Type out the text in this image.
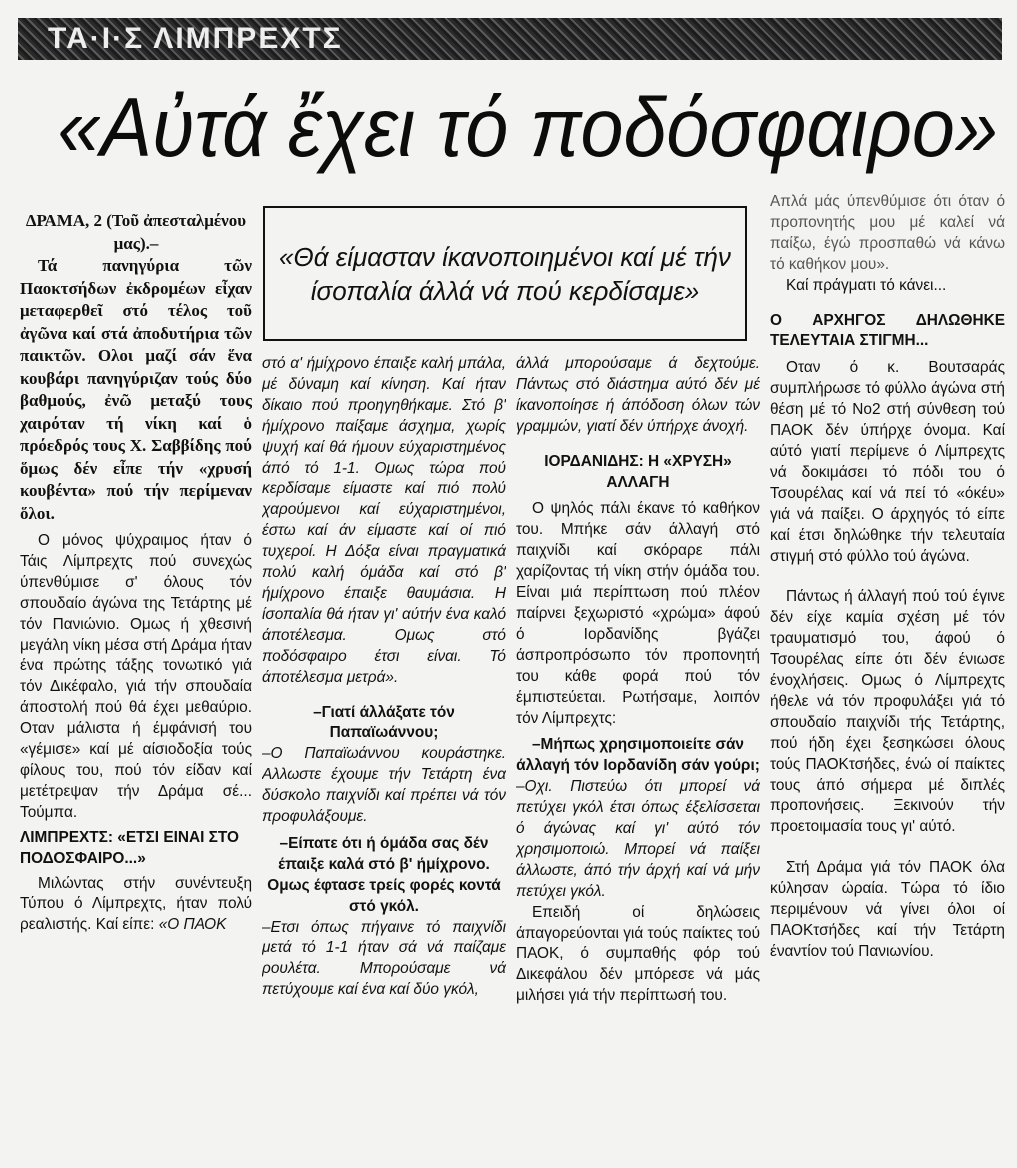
ΤΑ·Ι·Σ ΛΙΜΠΡΕΧΤΣ
«Αὐτά ἔχει τό ποδόσφαιρο»

ΔΡΑΜΑ, 2 (Τοῦ ἀπεσταλμένου μας).–

Τά πανηγύρια τῶν Παοκτσήδων ἐκδρομέων εἶχαν μεταφερθεῖ στό τέλος τοῦ ἀγῶνα καί στά ἀποδυτήρια τῶν παικτῶν. Ολοι μαζί σάν ἕνα κουβάρι πανηγύριζαν τούς δύο βαθμούς, ἐνῶ μεταξύ τους χαιρόταν τή νίκη καί ὁ πρόεδρός τους Χ. Σαββίδης πού ὅμως δέν εἶπε τήν «χρυσή κουβέντα» πού τήν περίμεναν ὅλοι.

Ο μόνος ψύχραιμος ήταν ό Τάις Λίμπρεχτς πού συνεχώς ύπενθύμισε σ' όλους τόν σπουδαίο άγώνα της Τετάρτης μέ τόν Πανιώνιο. Ομως ή χθεσινή μεγάλη νίκη μέσα στή Δράμα ήταν ένα πρώτης τάξης τονωτικό γιά τόν Δικέφαλο, γιά τήν σπουδαία άποστολή πού θά έχει μεθαύριο. Οταν μάλιστα ή έμφάνισή του «γέμισε» καί μέ αίσιοδοξία τούς φίλους του, πού τόν είδαν καί μετέτρεψαν τήν Δράμα σέ... Τούμπα.

ΛΙΜΠΡΕΧΤΣ: «ΕΤΣΙ ΕΙΝΑΙ ΣΤΟ ΠΟΔΟΣΦΑΙΡΟ...»

Μιλώντας στήν συνέντευξη Τύπου ό Λίμπρεχτς, ήταν πολύ ρεαλιστής. Καί είπε: «Ο ΠΑΟΚ

«Θά είμασταν ίκανοποιημένοι καί μέ τήν ίσοπαλία άλλά νά πού κερδίσαμε»

στό α' ήμίχρονο έπαιξε καλή μπάλα, μέ δύναμη καί κίνηση. Καί ήταν δίκαιο πού προηγηθήκαμε. Στό β' ήμίχρονο παίξαμε άσχημα, χωρίς ψυχή καί θά ήμουν εύχαριστημένος άπό τό 1-1. Ομως τώρα πού κερδίσαμε είμαστε καί πιό πολύ χαρούμενοι καί εύχαριστημένοι, έστω καί άν είμαστε καί οί πιό τυχεροί. Η Δόξα είναι πραγματικά πολύ καλή όμάδα καί στό β' ήμίχρονο έπαιξε θαυμάσια. Η ίσοπαλία θά ήταν γι' αύτήν ένα καλό άποτέλεσμα. Ομως στό ποδόσφαιρο έτσι είναι. Τό άποτέλεσμα μετρά».

–Γιατί άλλάξατε τόν Παπαϊωάννου;

–Ο Παπαϊωάννου κουράστηκε. Αλλωστε έχουμε τήν Τετάρτη ένα δύσκολο παιχνίδι καί πρέπει νά τόν προφυλάξουμε.

–Είπατε ότι ή όμάδα σας δέν έπαιξε καλά στό β' ήμίχρονο. Ομως έφτασε τρείς φορές κοντά στό γκόλ.

–Ετσι όπως πήγαινε τό παιχνίδι μετά τό 1-1 ήταν σά νά παίζαμε ρουλέτα. Μπορούσαμε νά πετύχουμε καί ένα καί δύο γκόλ,

άλλά μπορούσαμε ά δεχτούμε. Πάντως στό διάστημα αύτό δέν μέ ίκανοποίησε ή άπόδοση όλων τών γραμμών, γιατί δέν ύπήρχε άνοχή.

ΙΟΡΔΑΝΙΔΗΣ: Η «ΧΡΥΣΗ» ΑΛΛΑΓΗ

Ο ψηλός πάλι έκανε τό καθήκον του. Μπήκε σάν άλλαγή στό παιχνίδι καί σκόραρε πάλι χαρίζοντας τή νίκη στήν όμάδα του. Είναι μιά περίπτωση πού πλέον παίρνει ξεχωριστό «χρώμα» άφού ό Ιορδανίδης βγάζει άσπροπρόσωπο τόν προπονητή του κάθε φορά πού τόν έμπιστεύεται. Ρωτήσαμε, λοιπόν τόν Λίμπρεχτς:

–Μήπως χρησιμοποιείτε σάν άλλαγή τόν Ιορδανίδη σάν γούρι;

–Οχι. Πιστεύω ότι μπορεί νά πετύχει γκόλ έτσι όπως έξελίσσεται ό άγώνας καί γι' αύτό τόν χρησιμοποιώ. Μπορεί νά παίξει άλλωστε, άπό τήν άρχή καί νά μήν πετύχει γκόλ.

Επειδή οί δηλώσεις άπαγορεύονται γιά τούς παίκτες τού ΠΑΟΚ, ό συμπαθής φόρ τού Δικεφάλου δέν μπόρεσε νά μάς μιλήσει γιά τήν περίπτωσή του.

Απλά μάς ύπενθύμισε ότι όταν ό προπονητής μου μέ καλεί νά παίξω, έγώ προσπαθώ νά κάνω τό καθήκον μου».

Καί πράγματι τό κάνει...

Ο ΑΡΧΗΓΟΣ ΔΗΛΩΘΗΚΕ ΤΕΛΕΥΤΑΙΑ ΣΤΙΓΜΗ...

Οταν ό κ. Βουτσαράς συμπλήρωσε τό φύλλο άγώνα στή θέση μέ τό Νο2 στή σύνθεση τού ΠΑΟΚ δέν ύπήρχε όνομα. Καί αύτό γιατί περίμενε ό Λίμπρεχτς νά δοκιμάσει τό πόδι του ό Τσουρέλας καί νά πεί τό «όκέυ» γιά νά παίξει. Ο άρχηγός τό είπε καί έτσι δηλώθηκε τήν τελευταία στιγμή στό φύλλο τού άγώνα.

Πάντως ή άλλαγή πού τού έγινε δέν είχε καμία σχέση μέ τόν τραυματισμό του, άφού ό Τσουρέλας είπε ότι δέν ένιωσε ένοχλήσεις. Ομως ό Λίμπρεχτς ήθελε νά τόν προφυλάξει γιά τό σπουδαίο παιχνίδι τής Τετάρτης, πού ήδη έχει ξεσηκώσει όλους τούς ΠΑΟΚτσήδες, ένώ οί παίκτες τους άπό σήμερα μέ διπλές προπονήσεις. Ξεκινούν τήν προετοιμασία τους γι' αύτό.

Στή Δράμα γιά τόν ΠΑΟΚ όλα κύλησαν ώραία. Τώρα τό ίδιο περιμένουν νά γίνει όλοι οί ΠΑΟΚτσήδες καί τήν Τετάρτη έναντίον τού Πανιωνίου.
